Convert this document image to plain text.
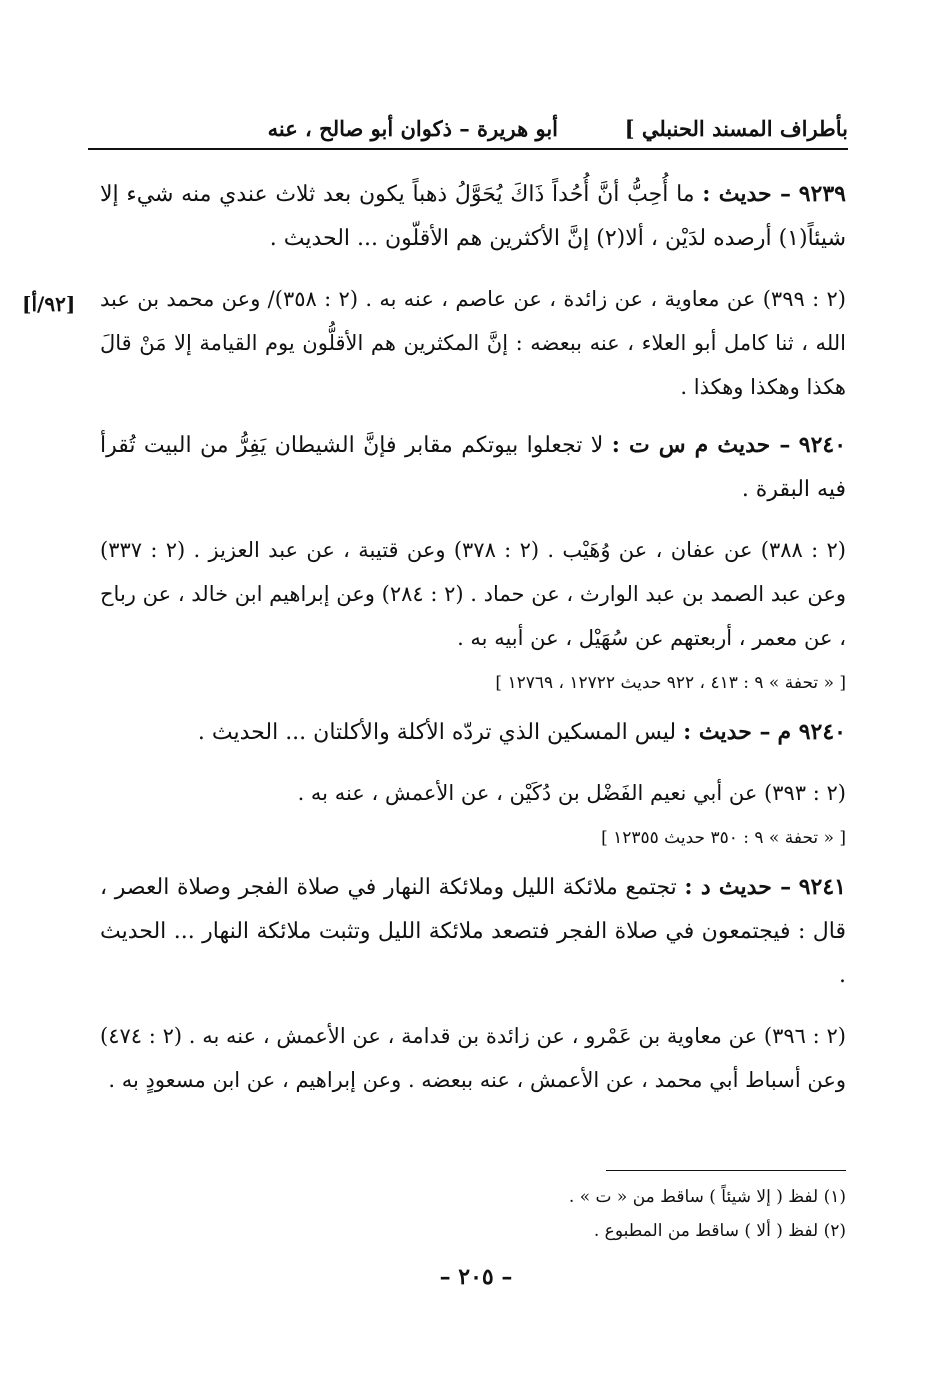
بأطراف المسند الحنبلي ]
أبو هريرة – ذكوان أبو صالح ، عنه
[٩٢/أ]

٩٢٣٩ – حديث : ما أُحِبُّ أنَّ أُحُداً ذَاكَ يُحَوَّلُ ذهباً يكون بعد ثلاث عندي منه شيء إلا شيئاً(١) أرصده لدَيْن ، ألا(٢) إنَّ الأكثرين هم الأقلّون ... الحديث .

(٢ : ٣٩٩) عن معاوية ، عن زائدة ، عن عاصم ، عنه به . (٢ : ٣٥٨)/ وعن محمد بن عبد الله ، ثنا كامل أبو العلاء ، عنه ببعضه : إنَّ المكثرين هم الأقلُّون يوم القيامة إلا مَنْ قالَ هكذا وهكذا وهكذا .

٩٢٤٠ – حديث م س ت : لا تجعلوا بيوتكم مقابر فإنَّ الشيطان يَفِرُّ من البيت تُقرأ فيه البقرة .

(٢ : ٣٨٨) عن عفان ، عن وُهَيْب . (٢ : ٣٧٨) وعن قتيبة ، عن عبد العزيز . (٢ : ٣٣٧) وعن عبد الصمد بن عبد الوارث ، عن حماد . (٢ : ٢٨٤) وعن إبراهيم ابن خالد ، عن رباح ، عن معمر ، أربعتهم عن سُهَيْل ، عن أبيه به .

[ « تحفة » ٩ : ٤١٣ ، ٩٢٢ حديث ١٢٧٢٢ ، ١٢٧٦٩ ]

٩٢٤٠ م – حديث : ليس المسكين الذي تردّه الأكلة والأكلتان ... الحديث .

(٢ : ٣٩٣) عن أبي نعيم الفَضْل بن دُكَيْن ، عن الأعمش ، عنه به .

[ « تحفة » ٩ : ٣٥٠ حديث ١٢٣٥٥ ]

٩٢٤١ – حديث د : تجتمع ملائكة الليل وملائكة النهار في صلاة الفجر وصلاة العصر ، قال : فيجتمعون في صلاة الفجر فتصعد ملائكة الليل وتثبت ملائكة النهار ... الحديث .

(٢ : ٣٩٦) عن معاوية بن عَمْرو ، عن زائدة بن قدامة ، عن الأعمش ، عنه به . (٢ : ٤٧٤) وعن أسباط أبي محمد ، عن الأعمش ، عنه ببعضه . وعن إبراهيم ، عن ابن مسعودٍ به .

(١) لفظ ( إلا شيئاً ) ساقط من « ت » .
(٢) لفظ ( ألا ) ساقط من المطبوع .
– ٢٠٥ –
